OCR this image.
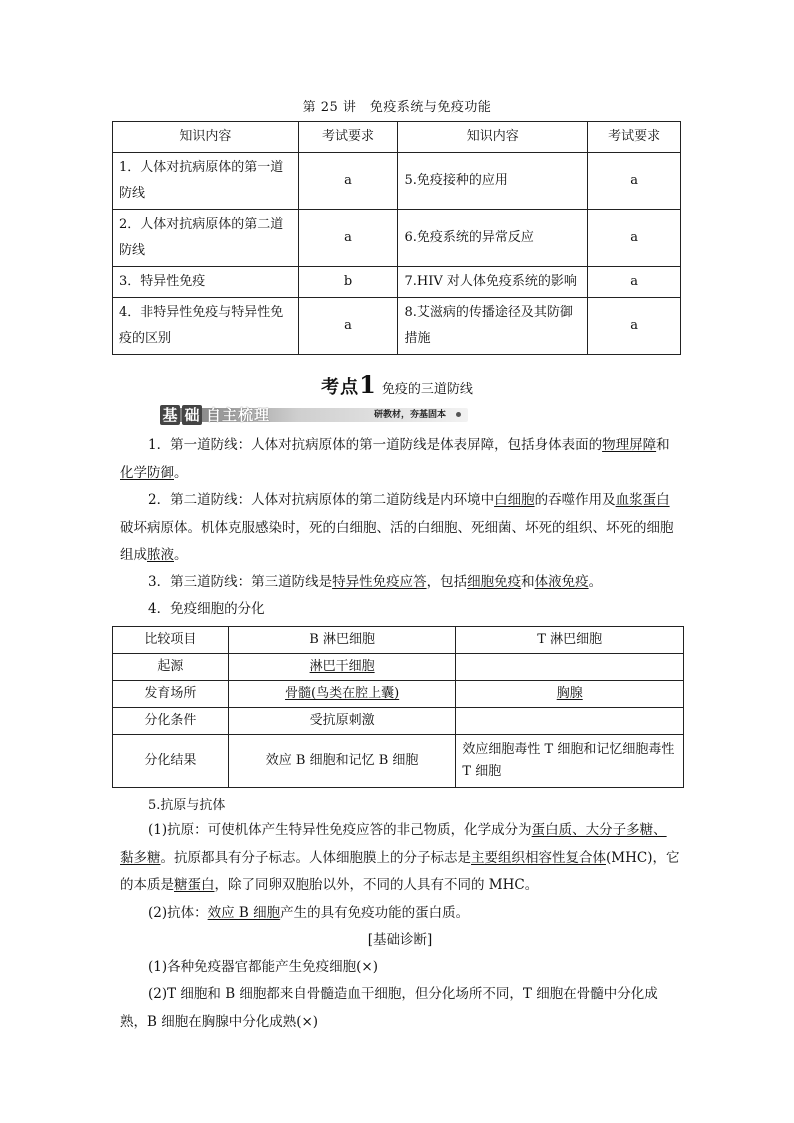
第 25 讲　免疫系统与免疫功能
知识内容	考试要求	知识内容	考试要求
1．人体对抗病原体的第一道防线	a	5.免疫接种的应用	a
2．人体对抗病原体的第二道防线	a	6.免疫系统的异常反应	a
3．特异性免疫	b	7.HIV 对人体免疫系统的影响	a
4．非特异性免疫与特异性免疫的区别	a	8.艾滋病的传播途径及其防御措施	a
考点1 免疫的三道防线
基 础 自主梳理	研教材，夯基固本
1．第一道防线：人体对抗病原体的第一道防线是体表屏障，包括身体表面的物理屏障和化学防御。
2．第二道防线：人体对抗病原体的第二道防线是内环境中白细胞的吞噬作用及血浆蛋白破坏病原体。机体克服感染时，死的白细胞、活的白细胞、死细菌、坏死的组织、坏死的细胞组成脓液。
3．第三道防线：第三道防线是特异性免疫应答，包括细胞免疫和体液免疫。
4．免疫细胞的分化
比较项目	B 淋巴细胞	T 淋巴细胞
起源	淋巴干细胞	
发育场所	骨髓(鸟类在腔上囊)	胸腺
分化条件	受抗原刺激	
分化结果	效应 B 细胞和记忆 B 细胞	效应细胞毒性 T 细胞和记忆细胞毒性 T 细胞
5.抗原与抗体
(1)抗原：可使机体产生特异性免疫应答的非己物质，化学成分为蛋白质、大分子多糖、黏多糖。抗原都具有分子标志。人体细胞膜上的分子标志是主要组织相容性复合体(MHC)，它的本质是糖蛋白，除了同卵双胞胎以外，不同的人具有不同的 MHC。
(2)抗体：效应 B 细胞产生的具有免疫功能的蛋白质。
[基础诊断]
(1)各种免疫器官都能产生免疫细胞(×)
(2)T 细胞和 B 细胞都来自骨髓造血干细胞，但分化场所不同，T 细胞在骨髓中分化成熟，B 细胞在胸腺中分化成熟(×)
